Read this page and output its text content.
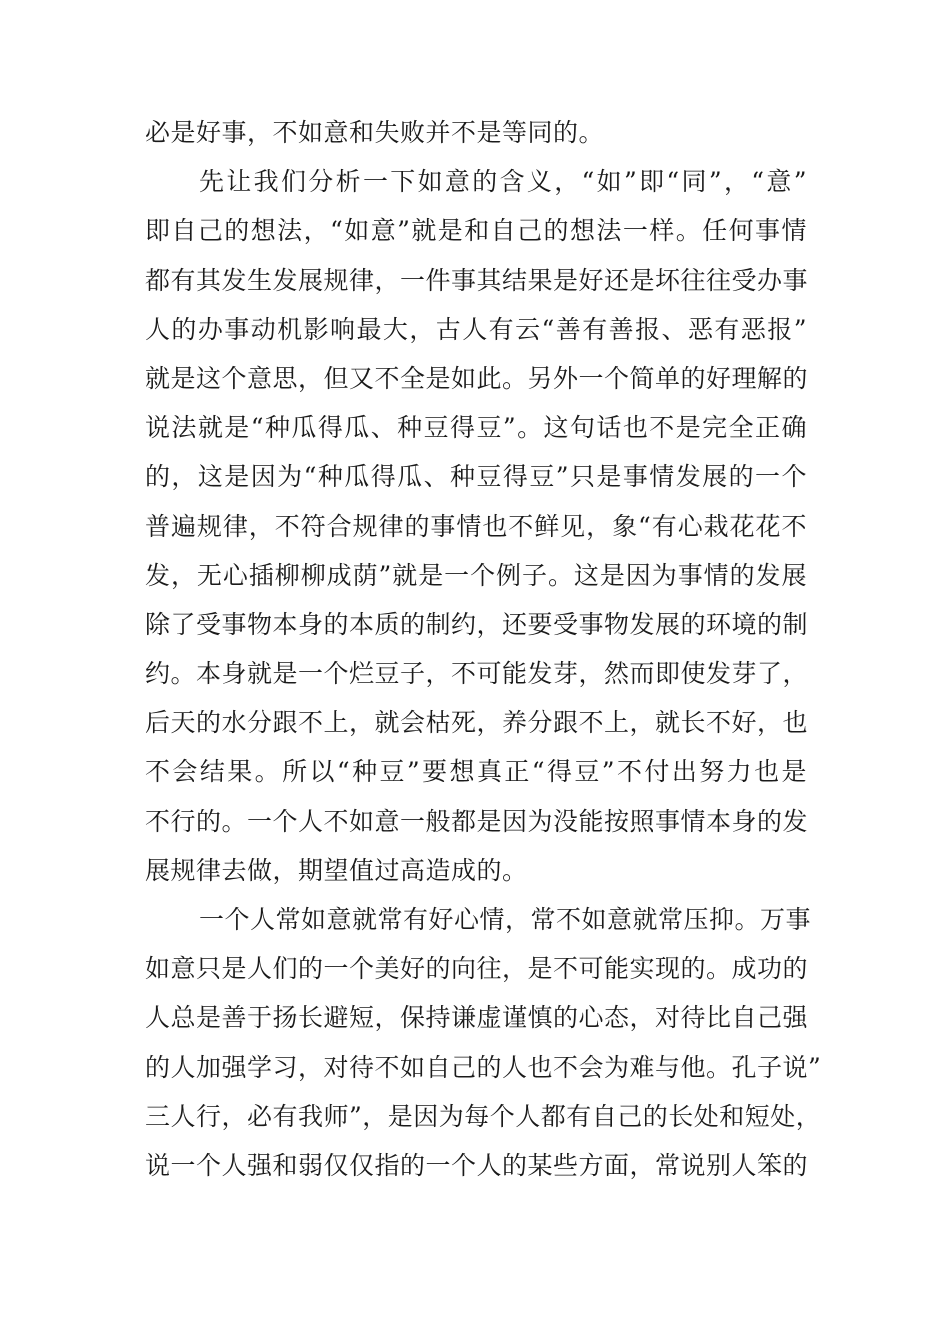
必是好事，不如意和失败并不是等同的。
先让我们分析一下如意的含义，“如”即“同”，“意”
即自己的想法，“如意”就是和自己的想法一样。任何事情
都有其发生发展规律，一件事其结果是好还是坏往往受办事
人的办事动机影响最大，古人有云“善有善报、恶有恶报”
就是这个意思，但又不全是如此。另外一个简单的好理解的
说法就是“种瓜得瓜、种豆得豆”。这句话也不是完全正确
的，这是因为“种瓜得瓜、种豆得豆”只是事情发展的一个
普遍规律，不符合规律的事情也不鲜见，象“有心栽花花不
发，无心插柳柳成荫”就是一个例子。这是因为事情的发展
除了受事物本身的本质的制约，还要受事物发展的环境的制
约。本身就是一个烂豆子，不可能发芽，然而即使发芽了，
后天的水分跟不上，就会枯死，养分跟不上，就长不好，也
不会结果。所以“种豆”要想真正“得豆”不付出努力也是
不行的。一个人不如意一般都是因为没能按照事情本身的发
展规律去做，期望值过高造成的。
一个人常如意就常有好心情，常不如意就常压抑。万事
如意只是人们的一个美好的向往，是不可能实现的。成功的
人总是善于扬长避短，保持谦虚谨慎的心态，对待比自己强
的人加强学习，对待不如自己的人也不会为难与他。孔子说”
三人行，必有我师”，是因为每个人都有自己的长处和短处，
说一个人强和弱仅仅指的一个人的某些方面，常说别人笨的
